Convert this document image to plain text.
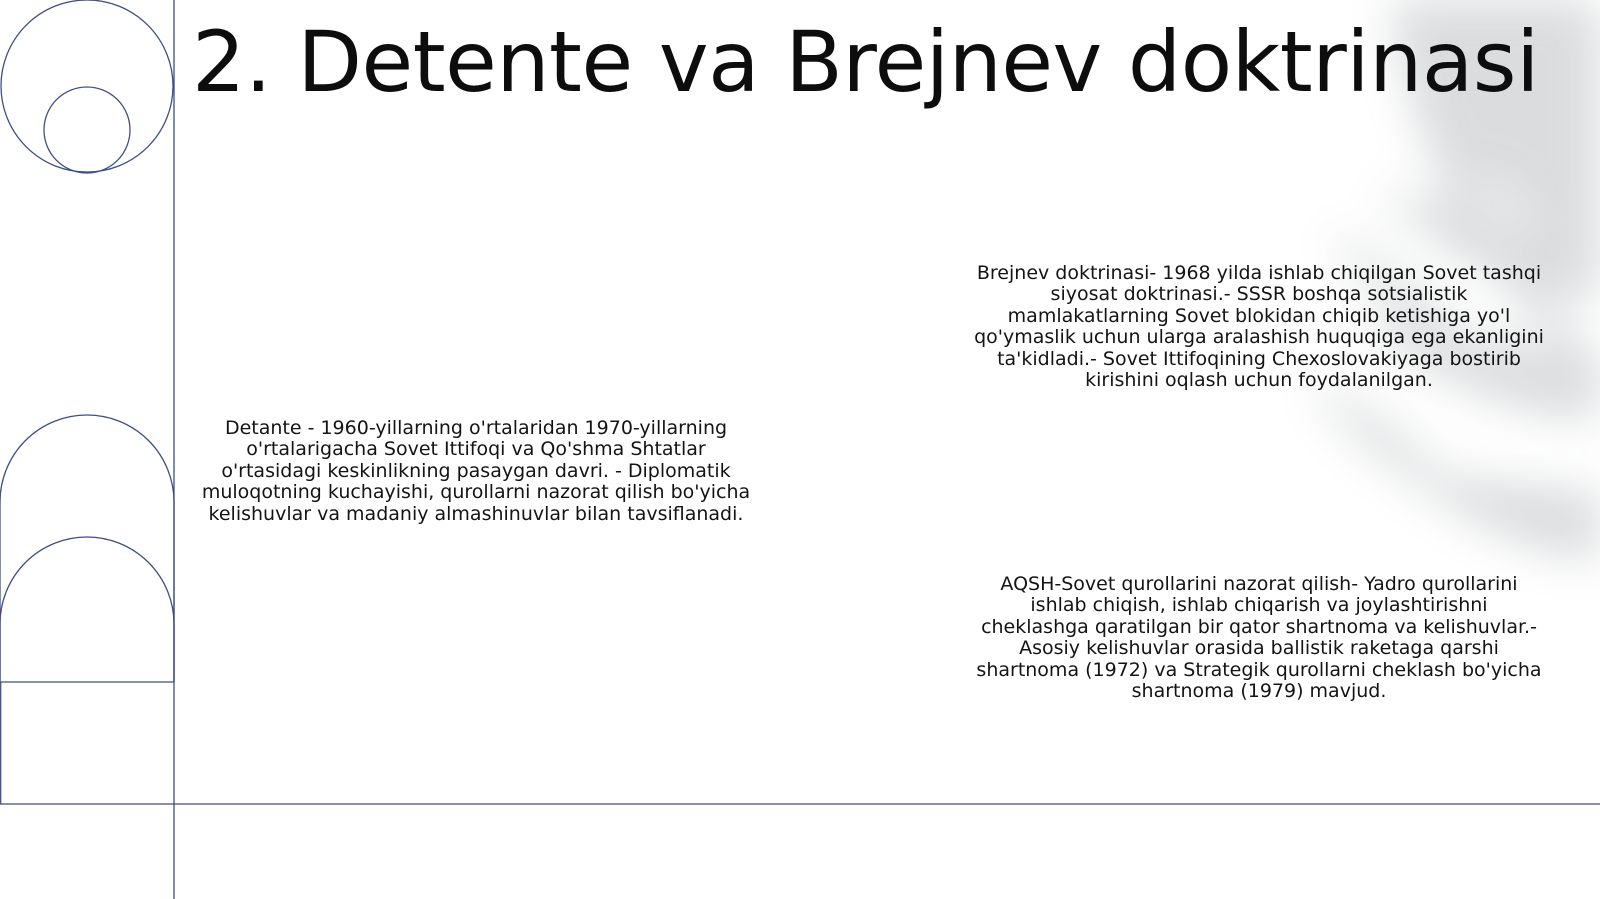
2. Detente va Brejnev doktrinasi

Detante - 1960-yillarning o'rtalaridan 1970-yillarning o'rtalarigacha Sovet Ittifoqi va Qo'shma Shtatlar o'rtasidagi keskinlikning pasaygan davri. - Diplomatik muloqotning kuchayishi, qurollarni nazorat qilish bo'yicha kelishuvlar va madaniy almashinuvlar bilan tavsiflanadi.

Brejnev doktrinasi- 1968 yilda ishlab chiqilgan Sovet tashqi siyosat doktrinasi.- SSSR boshqa sotsialistik mamlakatlarning Sovet blokidan chiqib ketishiga yo'l qo'ymaslik uchun ularga aralashish huquqiga ega ekanligini ta'kidladi.- Sovet Ittifoqining Chexoslovakiyaga bostirib kirishini oqlash uchun foydalanilgan.

AQSH-Sovet qurollarini nazorat qilish- Yadro qurollarini ishlab chiqish, ishlab chiqarish va joylashtirishni cheklashga qaratilgan bir qator shartnoma va kelishuvlar.- Asosiy kelishuvlar orasida ballistik raketaga qarshi shartnoma (1972) va Strategik qurollarni cheklash bo'yicha shartnoma (1979) mavjud.
